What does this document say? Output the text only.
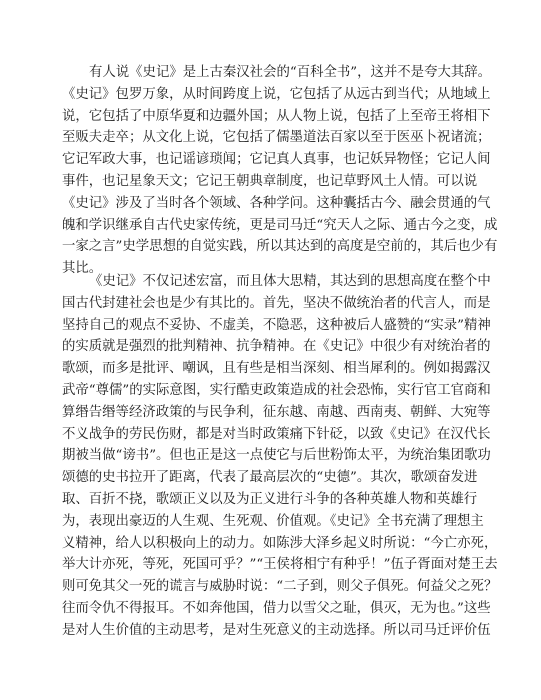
有人说《史记》是上古秦汉社会的“百科全书”，这并不是夸大其辞。
《史记》包罗万象，从时间跨度上说，它包括了从远古到当代；从地域上
说，它包括了中原华夏和边疆外国；从人物上说，包括了上至帝王将相下
至贩夫走卒；从文化上说，它包括了儒墨道法百家以至于医巫卜祝诸流；
它记军政大事，也记谣谚琐闻；它记真人真事，也记妖异物怪；它记人间
事件，也记星象天文；它记王朝典章制度，也记草野风土人情。可以说
《史记》涉及了当时各个领域、各种学问。这种囊括古今、融会贯通的气
魄和学识继承自古代史家传统，更是司马迁“究天人之际、通古今之变，成
一家之言”史学思想的自觉实践，所以其达到的高度是空前的，其后也少有
其比。
《史记》不仅记述宏富，而且体大思精，其达到的思想高度在整个中
国古代封建社会也是少有其比的。首先，坚决不做统治者的代言人，而是
坚持自己的观点不妥协、不虚美，不隐恶，这种被后人盛赞的“实录”精神
的实质就是强烈的批判精神、抗争精神。在《史记》中很少有对统治者的
歌颂，而多是批评、嘲讽，且有些是相当深刻、相当犀利的。例如揭露汉
武帝“尊儒”的实际意图，实行酷吏政策造成的社会恐怖，实行官工官商和
算缗告缗等经济政策的与民争利，征东越、南越、西南夷、朝鲜、大宛等
不义战争的劳民伤财，都是对当时政策痛下针砭，以致《史记》在汉代长
期被当做“谤书”。但也正是这一点使它与后世粉饰太平，为统治集团歌功
颂德的史书拉开了距离，代表了最高层次的“史德”。其次，歌颂奋发进
取、百折不挠，歌颂正义以及为正义进行斗争的各种英雄人物和英雄行
为，表现出豪迈的人生观、生死观、价值观。《史记》全书充满了理想主
义精神，给人以积极向上的动力。如陈涉大泽乡起义时所说：“今亡亦死，
举大计亦死，等死，死国可乎？”“王侯将相宁有种乎！”伍子胥面对楚王去
则可免其父一死的谎言与威胁时说：“二子到，则父子俱死。何益父之死？
往而令仇不得报耳。不如奔他国，借力以雪父之耻，俱灭，无为也。”这些
是对人生价值的主动思考，是对生死意义的主动选择。所以司马迁评价伍
